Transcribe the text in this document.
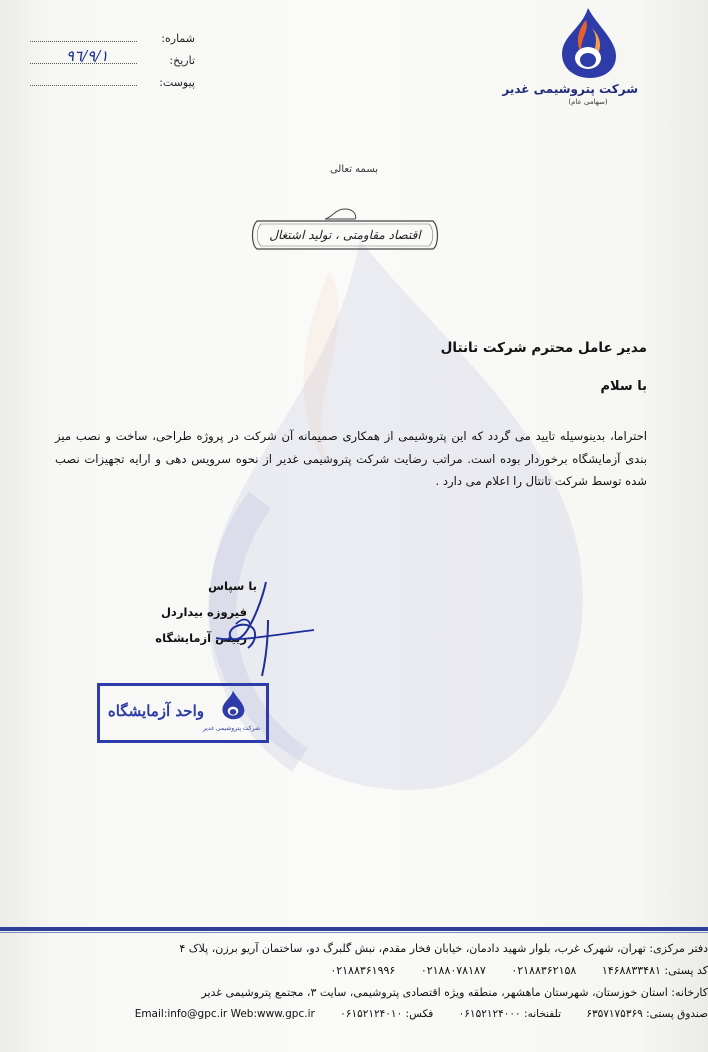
شرکت پتروشیمی غدیر
(سهامی عام)
شماره:
٩٦/٩/١	تاریخ:
پیوست:
بسمه تعالی
اقتصاد مقاومتی ، تولید اشتغال
مدیر عامل محترم شرکت تانتال
با سلام
احتراما، بدینوسیله تایید می گردد که این پتروشیمی از همکاری صمیمانه آن شرکت در پروژه طراحی، ساخت و نصب میز بندی آزمایشگاه برخوردار بوده است. مراتب رضایت شرکت پتروشیمی غدیر از نحوه سرویس دهی و ارایه تجهیزات نصب شده توسط شرکت تانتال را اعلام می دارد .
با سپاس
فیروزه بیداردل
رییس آزمایشگاه
واحد آزمایشگاه
شرکت پتروشیمی غدیر
دفتر مرکزی: تهران، شهرک غرب، بلوار شهید دادمان، خیابان فخار مقدم، نبش گلبرگ دو، ساختمان آریو برزن، پلاک ۴
کد پستی: ۱۴۶۸۸۳۳۴۸۱ ۰۲۱۸۸۳۶۲۱۵۸ ۰۲۱۸۸۰۷۸۱۸۷ ۰۲۱۸۸۳۶۱۹۹۶
کارخانه: استان خوزستان، شهرستان ماهشهر، منطقه ویژه اقتصادی پتروشیمی، سایت ۳، مجتمع پتروشیمی غدیر
صندوق پستی: ۶۳۵۷۱۷۵۳۶۹ تلفنخانه: ۰۶۱۵۲۱۲۴۰۰۰ فکس: ۰۶۱۵۲۱۲۴۰۱۰ Email:info@gpc.ir Web:www.gpc.ir
